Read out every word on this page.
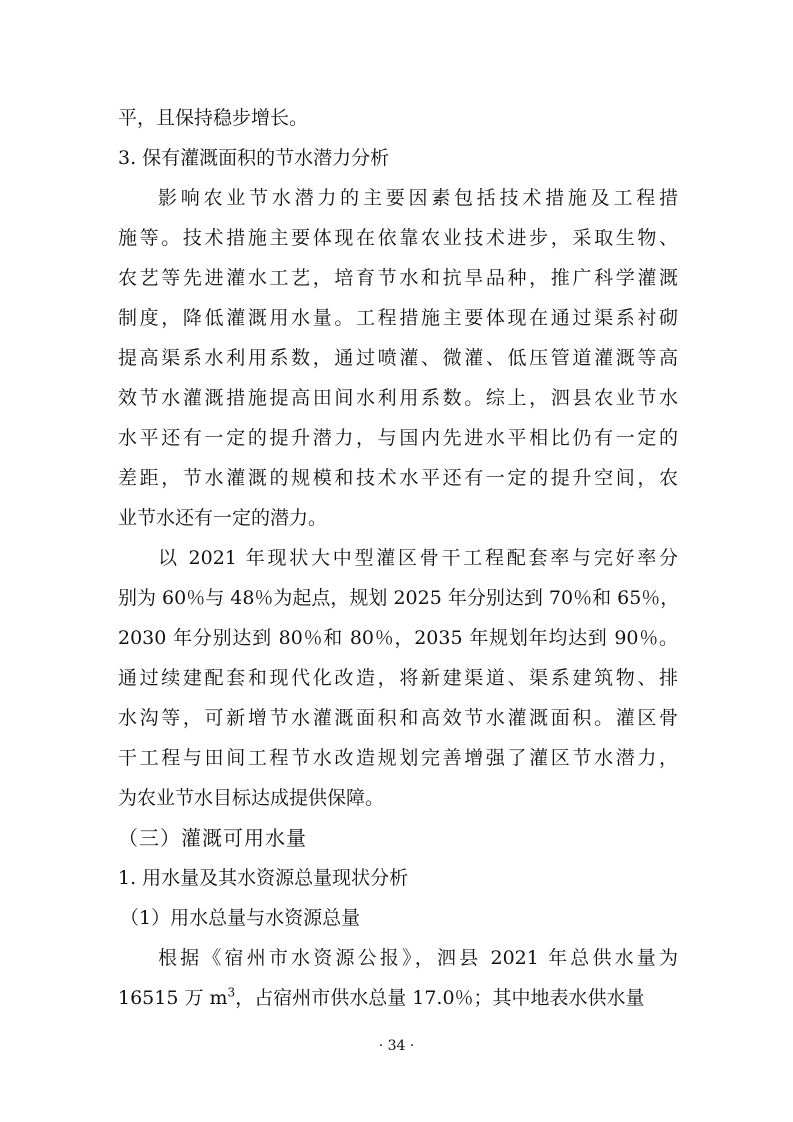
平，且保持稳步增长。
3. 保有灌溉面积的节水潜力分析
影响农业节水潜力的主要因素包括技术措施及工程措
施等。技术措施主要体现在依靠农业技术进步，采取生物、
农艺等先进灌水工艺，培育节水和抗旱品种，推广科学灌溉
制度，降低灌溉用水量。工程措施主要体现在通过渠系衬砌
提高渠系水利用系数，通过喷灌、微灌、低压管道灌溉等高
效节水灌溉措施提高田间水利用系数。综上，泗县农业节水
水平还有一定的提升潜力，与国内先进水平相比仍有一定的
差距，节水灌溉的规模和技术水平还有一定的提升空间，农
业节水还有一定的潜力。
以 2021 年现状大中型灌区骨干工程配套率与完好率分
别为 60％与 48％为起点，规划 2025 年分别达到 70％和 65％，
2030 年分别达到 80％和 80％，2035 年规划年均达到 90％。
通过续建配套和现代化改造，将新建渠道、渠系建筑物、排
水沟等，可新增节水灌溉面积和高效节水灌溉面积。灌区骨
干工程与田间工程节水改造规划完善增强了灌区节水潜力，
为农业节水目标达成提供保障。
（三）灌溉可用水量
1. 用水量及其水资源总量现状分析
（1）用水总量与水资源总量
根据《宿州市水资源公报》，泗县 2021 年总供水量为
16515 万 $m^3$，占宿州市供水总量 17.0％；其中地表水供水量
· 34 ·
